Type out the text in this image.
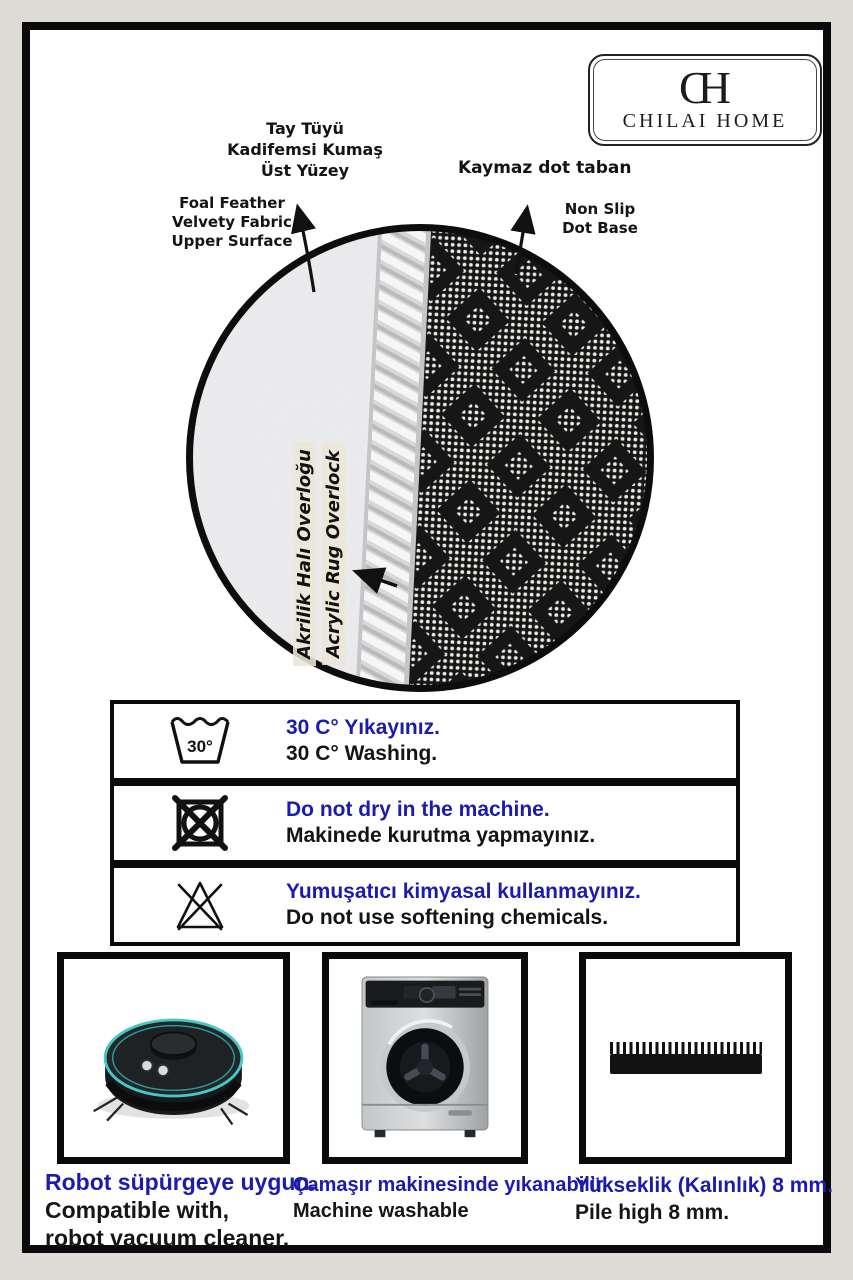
Akrilik Halı Overloğu Acrylic Rug Overlock
CH
CHILAI HOME
Tay Tüyü
Kadifemsi Kumaş
Üst Yüzey
Foal Feather
Velvety Fabric
Upper Surface
Kaymaz dot taban
Non Slip
Dot Base
30°
30 C° Yıkayınız.
30 C° Washing.
Do not dry in the machine.
Makinede kurutma yapmayınız.
Yumuşatıcı kimyasal kullanmayınız.
Do not use softening chemicals.
Robot süpürgeye uygun.
Compatible with,
robot vacuum cleaner.
Çamaşır makinesinde yıkanabilir.
Machine washable
Yükseklik (Kalınlık) 8 mm.
Pile high 8 mm.
